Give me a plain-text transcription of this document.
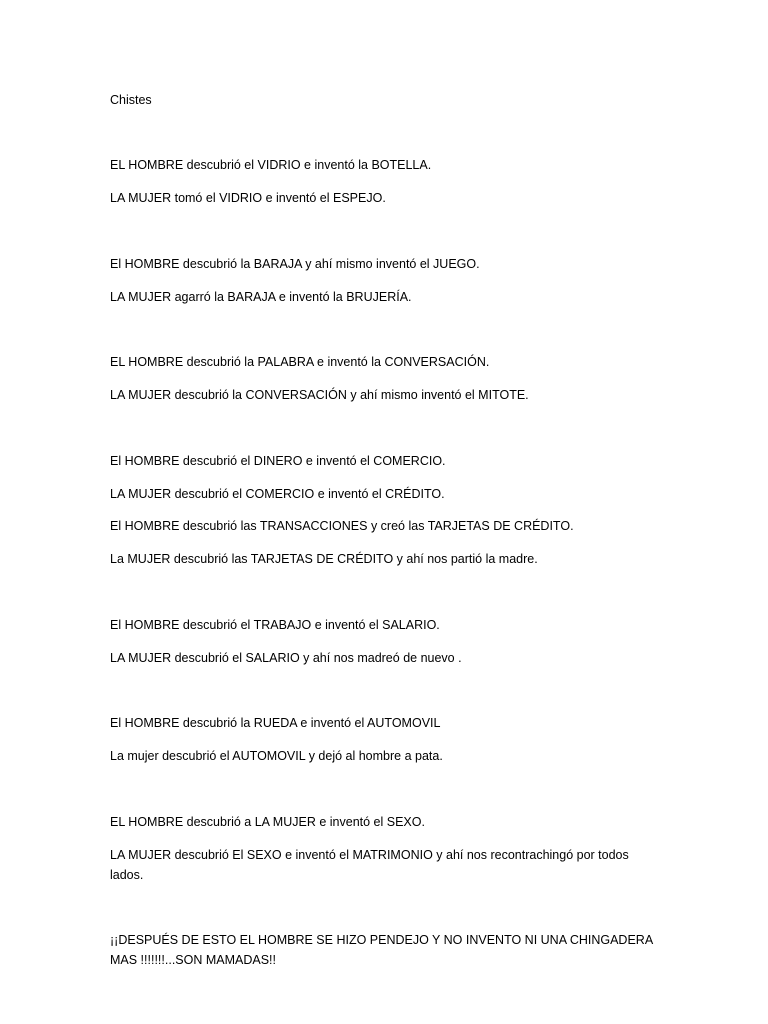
Chistes
EL HOMBRE descubrió el VIDRIO e inventó la BOTELLA.
LA MUJER tomó el VIDRIO e inventó el ESPEJO.
El HOMBRE descubrió la BARAJA y ahí mismo inventó el JUEGO.
LA MUJER agarró la BARAJA e inventó la BRUJERÍA.
EL HOMBRE descubrió la PALABRA e inventó la CONVERSACIÓN.
LA MUJER descubrió la CONVERSACIÓN y ahí mismo inventó el MITOTE.
El HOMBRE descubrió el DINERO e inventó el COMERCIO.
LA MUJER descubrió el COMERCIO e inventó el CRÉDITO.
El HOMBRE descubrió las TRANSACCIONES y creó las TARJETAS DE CRÉDITO.
La MUJER descubrió las TARJETAS DE CRÉDITO y ahí nos partió la madre.
El HOMBRE descubrió el TRABAJO e inventó el SALARIO.
LA MUJER descubrió el SALARIO y ahí nos madreó de nuevo .
El HOMBRE descubrió la RUEDA e inventó el AUTOMOVIL
La mujer descubrió el AUTOMOVIL y dejó al hombre a pata.
EL HOMBRE descubrió a LA MUJER e inventó el SEXO.
LA MUJER descubrió El SEXO e inventó el MATRIMONIO y ahí nos recontrachingó por todos lados.
¡¡DESPUÉS DE ESTO EL HOMBRE SE HIZO PENDEJO Y NO INVENTO NI UNA CHINGADERA MAS !!!!!!!...SON MAMADAS!!
